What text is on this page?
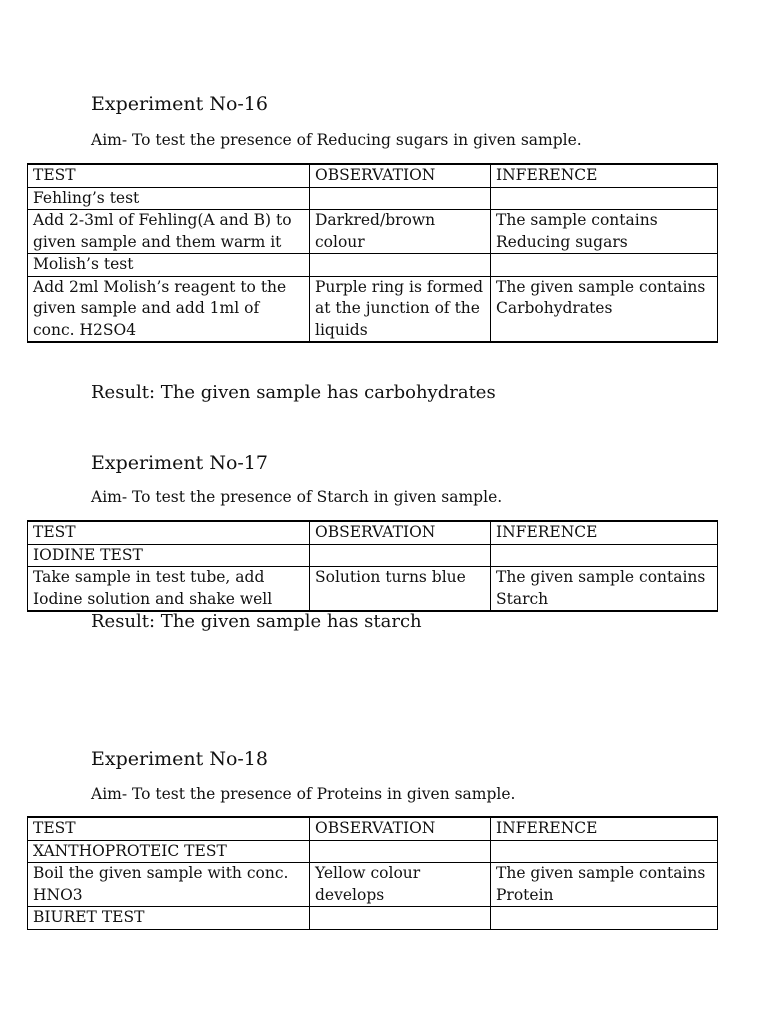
Experiment No-16
Aim- To test the presence of Reducing sugars in given sample.
TEST	OBSERVATION	INFERENCE
Fehling’s test		
Add 2-3ml of Fehling(A and B) to given sample and them warm it	Darkred/brown colour	The sample contains Reducing sugars
Molish’s test		
Add 2ml Molish’s reagent to the given sample and add 1ml of conc. H2SO4	Purple ring is formed at the junction of the liquids	The given sample contains Carbohydrates
Result: The given sample has carbohydrates
Experiment No-17
Aim- To test the presence of Starch in given sample.
TEST	OBSERVATION	INFERENCE
IODINE TEST		
Take sample in test tube, add Iodine solution and shake well	Solution turns blue	The given sample contains Starch
Result: The given sample has starch
Experiment No-18
Aim- To test the presence of Proteins in given sample.
TEST	OBSERVATION	INFERENCE
XANTHOPROTEIC TEST		
Boil the given sample with conc. HNO3	Yellow colour develops	The given sample contains Protein
BIURET TEST		
